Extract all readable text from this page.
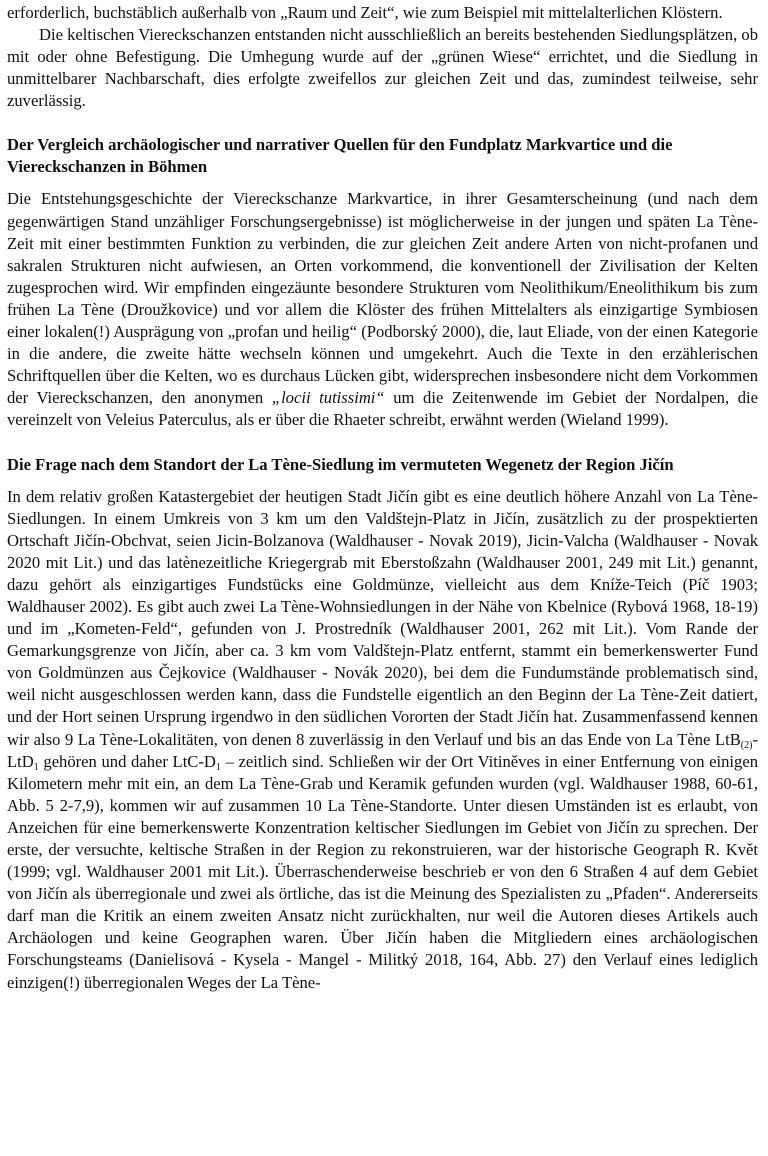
erforderlich, buchstäblich außerhalb von „Raum und Zeit“, wie zum Beispiel mit mittelalterlichen Klöstern.

Die keltischen Viereckschanzen entstanden nicht ausschließlich an bereits bestehenden Siedlungsplätzen, ob mit oder ohne Befestigung. Die Umhegung wurde auf der „grünen Wiese“ errichtet, und die Siedlung in unmittelbarer Nachbarschaft, dies erfolgte zweifellos zur gleichen Zeit und das, zumindest teilweise, sehr zuverlässig.

Der Vergleich archäologischer und narrativer Quellen für den Fundplatz Markvartice und die Viereckschanzen in Böhmen

Die Entstehungsgeschichte der Viereckschanze Markvartice, in ihrer Gesamterscheinung (und nach dem gegenwärtigen Stand unzähliger Forschungsergebnisse) ist möglicherweise in der jungen und späten La Tène-Zeit mit einer bestimmten Funktion zu verbinden, die zur gleichen Zeit andere Arten von nicht-profanen und sakralen Strukturen nicht aufwiesen, an Orten vorkommend, die konventionell der Zivilisation der Kelten zugesprochen wird. Wir empfinden eingezäunte besondere Strukturen vom Neolithikum/Eneolithikum bis zum frühen La Tène (Droužkovice) und vor allem die Klöster des frühen Mittelalters als einzigartige Symbiosen einer lokalen(!) Ausprägung von „profan und heilig“ (Podborský 2000), die, laut Eliade, von der einen Kategorie in die andere, die zweite hätte wechseln können und umgekehrt. Auch die Texte in den erzählerischen Schriftquellen über die Kelten, wo es durchaus Lücken gibt, widersprechen insbesondere nicht dem Vorkommen der Viereckschanzen, den anonymen „locii tutissimi“ um die Zeitenwende im Gebiet der Nordalpen, die vereinzelt von Veleius Paterculus, als er über die Rhaeter schreibt, erwähnt werden (Wieland 1999).

Die Frage nach dem Standort der La Tène-Siedlung im vermuteten Wegenetz der Region Jičín

In dem relativ großen Katastergebiet der heutigen Stadt Jičín gibt es eine deutlich höhere Anzahl von La Tène-Siedlungen. In einem Umkreis von 3 km um den Valdštejn-Platz in Jičín, zusätzlich zu der prospektierten Ortschaft Jičín-Obchvat, seien Jicin-Bolzanova (Waldhauser - Novak 2019), Jicin-Valcha (Waldhauser - Novak 2020 mit Lit.) und das latènezeitliche Kriegergrab mit Eberstoßzahn (Waldhauser 2001, 249 mit Lit.) genannt, dazu gehört als einzigartiges Fundstücks eine Goldmünze, vielleicht aus dem Kníže-Teich (Píč 1903; Waldhauser 2002). Es gibt auch zwei La Tène-Wohnsiedlungen in der Nähe von Kbelnice (Rybová 1968, 18-19) und im „Kometen-Feld“, gefunden von J. Prostredník (Waldhauser 2001, 262 mit Lit.). Vom Rande der Gemarkungsgrenze von Jičín, aber ca. 3 km vom Valdštejn-Platz entfernt, stammt ein bemerkenswerter Fund von Goldmünzen aus Čejkovice (Waldhauser - Novák 2020), bei dem die Fundumstände problematisch sind, weil nicht ausgeschlossen werden kann, dass die Fundstelle eigentlich an den Beginn der La Tène-Zeit datiert, und der Hort seinen Ursprung irgendwo in den südlichen Vororten der Stadt Jičín hat. Zusammenfassend kennen wir also 9 La Tène-Lokalitäten, von denen 8 zuverlässig in den Verlauf und bis an das Ende von La Tène LtB$_{(2)}$-LtD$_1$ gehören und daher LtC-$D_1$ – zeitlich sind. Schließen wir der Ort Vitiněves in einer Entfernung von einigen Kilometern mehr mit ein, an dem La Tène-Grab und Keramik gefunden wurden (vgl. Waldhauser 1988, 60-61, Abb. 5 2-7,9), kommen wir auf zusammen 10 La Tène-Standorte. Unter diesen Umständen ist es erlaubt, von Anzeichen für eine bemerkenswerte Konzentration keltischer Siedlungen im Gebiet von Jičín zu sprechen. Der erste, der versuchte, keltische Straßen in der Region zu rekonstruieren, war der historische Geograph R. Květ (1999; vgl. Waldhauser 2001 mit Lit.). Überraschenderweise beschrieb er von den 6 Straßen 4 auf dem Gebiet von Jičín als überregionale und zwei als örtliche, das ist die Meinung des Spezialisten zu „Pfaden“. Andererseits darf man die Kritik an einem zweiten Ansatz nicht zurückhalten, nur weil die Autoren dieses Artikels auch Archäologen und keine Geographen waren. Über Jičín haben die Mitgliedern eines archäologischen Forschungsteams (Danielisová - Kysela - Mangel - Militký 2018, 164, Abb. 27) den Verlauf eines lediglich einzigen(!) überregionalen Weges der La Tène-
